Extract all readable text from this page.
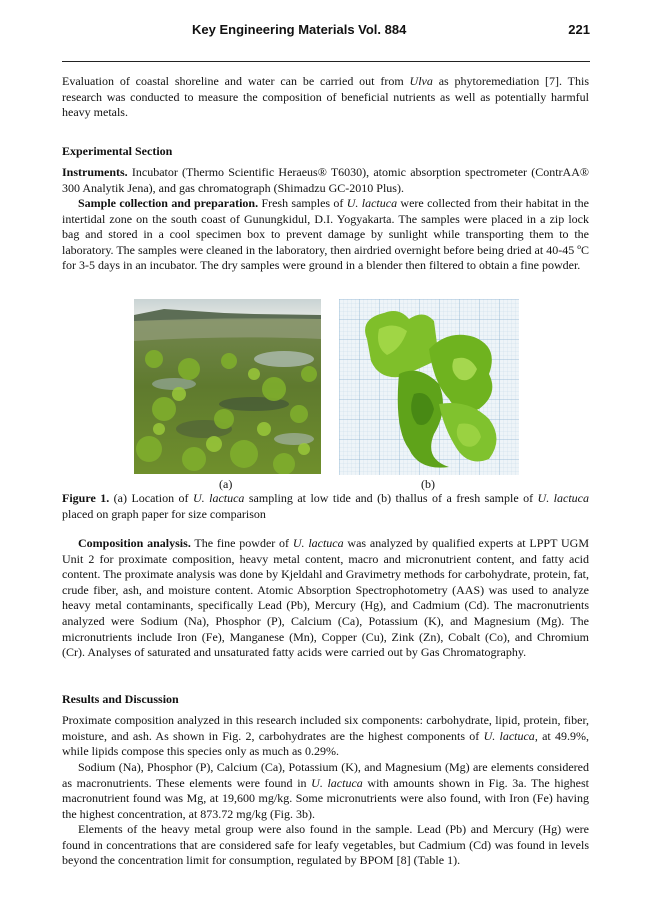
Key Engineering Materials Vol. 884	221

Evaluation of coastal shoreline and water can be carried out from Ulva as phytoremediation [7]. This research was conducted to measure the composition of beneficial nutrients as well as potentially harmful heavy metals.

Experimental Section

Instruments. Incubator (Thermo Scientific Heraeus® T6030), atomic absorption spectrometer (ContrAA® 300 Analytik Jena), and gas chromatograph (Shimadzu GC-2010 Plus).

Sample collection and preparation. Fresh samples of U. lactuca were collected from their habitat in the intertidal zone on the south coast of Gunungkidul, D.I. Yogyakarta. The samples were placed in a zip lock bag and stored in a cool specimen box to prevent damage by sunlight while transporting them to the laboratory. The samples were cleaned in the laboratory, then airdried overnight before being dried at 40-45 ºC for 3-5 days in an incubator. The dry samples were ground in a blender then filtered to obtain a fine powder.

(a)	(b)

Figure 1. (a) Location of U. lactuca sampling at low tide and (b) thallus of a fresh sample of U. lactuca placed on graph paper for size comparison

Composition analysis. The fine powder of U. lactuca was analyzed by qualified experts at LPPT UGM Unit 2 for proximate composition, heavy metal content, macro and micronutrient content, and fatty acid content. The proximate analysis was done by Kjeldahl and Gravimetry methods for carbohydrate, protein, fat, crude fiber, ash, and moisture content. Atomic Absorption Spectrophotometry (AAS) was used to analyze heavy metal contaminants, specifically Lead (Pb), Mercury (Hg), and Cadmium (Cd). The macronutrients analyzed were Sodium (Na), Phosphor (P), Calcium (Ca), Potassium (K), and Magnesium (Mg). The micronutrients include Iron (Fe), Manganese (Mn), Copper (Cu), Zink (Zn), Cobalt (Co), and Chromium (Cr). Analyses of saturated and unsaturated fatty acids were carried out by Gas Chromatography.

Results and Discussion

Proximate composition analyzed in this research included six components: carbohydrate, lipid, protein, fiber, moisture, and ash. As shown in Fig. 2, carbohydrates are the highest components of U. lactuca, at 49.9%, while lipids compose this species only as much as 0.29%.

Sodium (Na), Phosphor (P), Calcium (Ca), Potassium (K), and Magnesium (Mg) are elements considered as macronutrients. These elements were found in U. lactuca with amounts shown in Fig. 3a. The highest macronutrient found was Mg, at 19,600 mg/kg. Some micronutrients were also found, with Iron (Fe) having the highest concentration, at 873.72 mg/kg (Fig. 3b).

Elements of the heavy metal group were also found in the sample. Lead (Pb) and Mercury (Hg) were found in concentrations that are considered safe for leafy vegetables, but Cadmium (Cd) was found in levels beyond the concentration limit for consumption, regulated by BPOM [8] (Table 1).
